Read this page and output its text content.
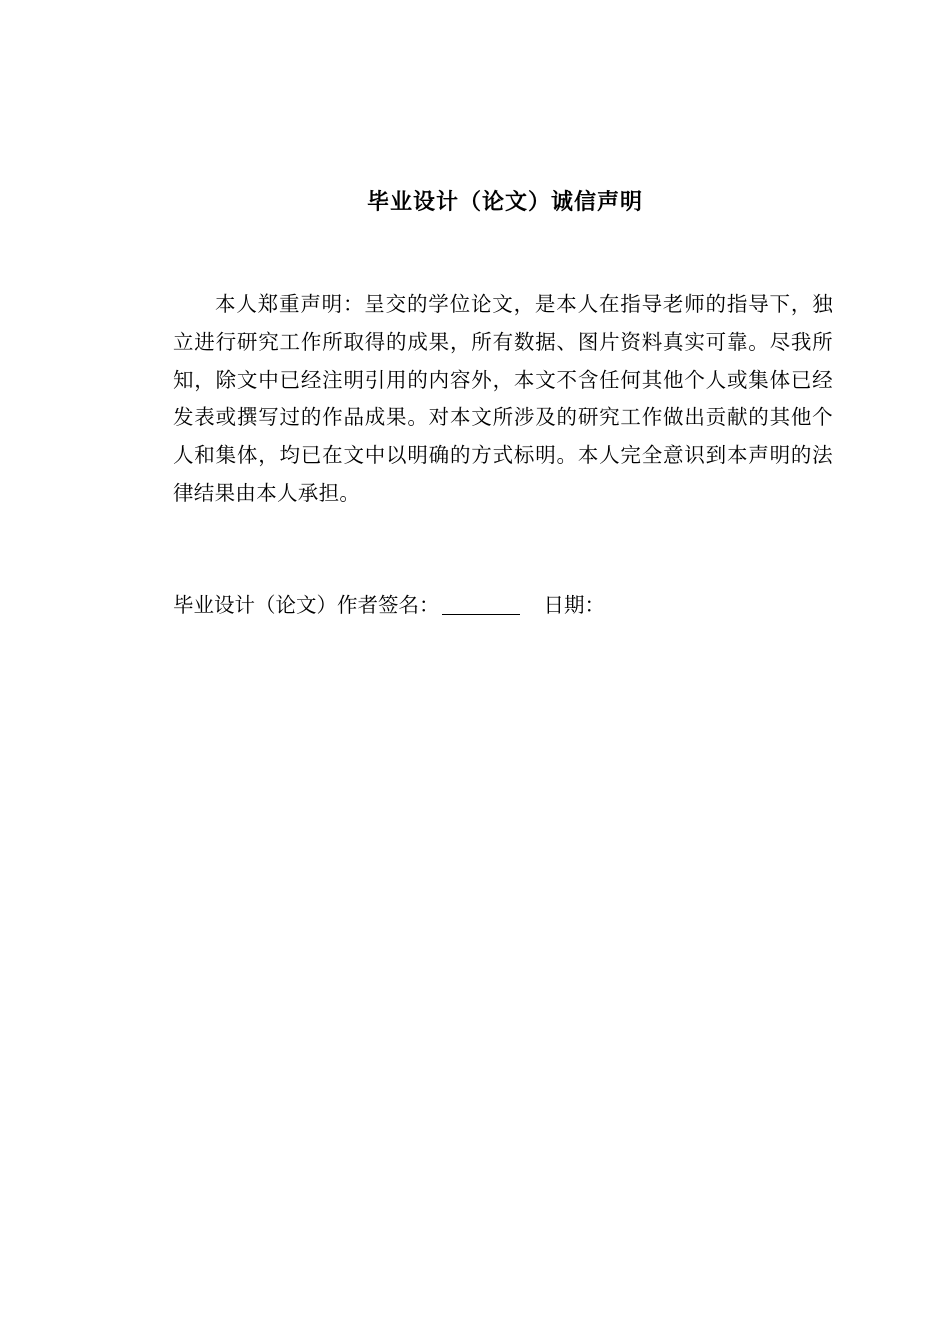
毕业设计（论文）诚信声明

本人郑重声明：呈交的学位论文，是本人在指导老师的指导下，独立进行研究工作所取得的成果，所有数据、图片资料真实可靠。尽我所知，除文中已经注明引用的内容外，本文不含任何其他个人或集体已经发表或撰写过的作品成果。对本文所涉及的研究工作做出贡献的其他个人和集体，均已在文中以明确的方式标明。本人完全意识到本声明的法律结果由本人承担。

毕业设计（论文）作者签名：	日期：
